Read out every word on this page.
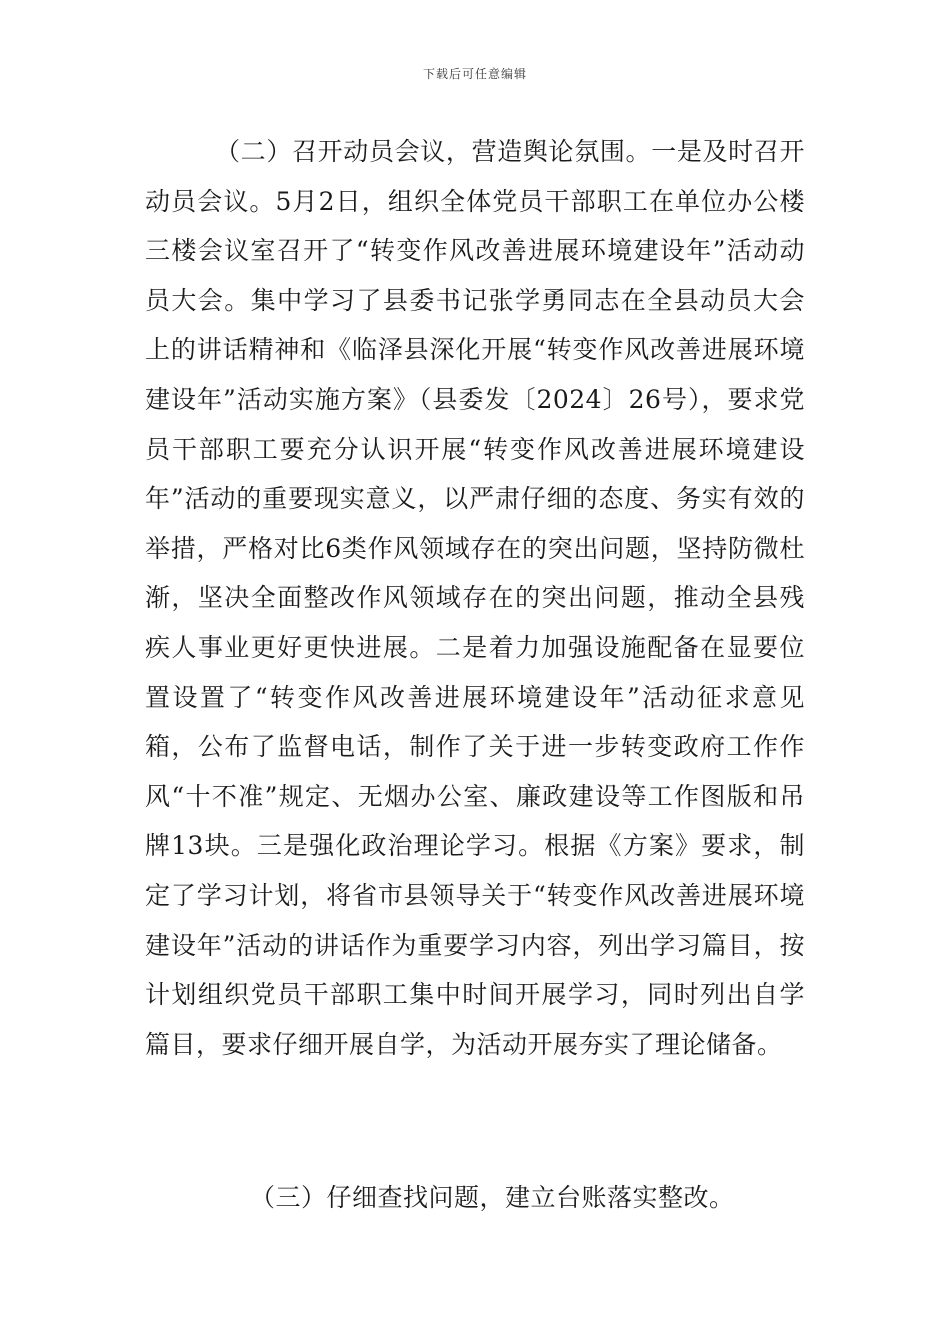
下载后可任意编辑

（二）召开动员会议，营造舆论氛围。一是及时召开动员会议。5月2日，组织全体党员干部职工在单位办公楼三楼会议室召开了“转变作风改善进展环境建设年”活动动员大会。集中学习了县委书记张学勇同志在全县动员大会上的讲话精神和《临泽县深化开展“转变作风改善进展环境建设年”活动实施方案》（县委发〔2024〕26号），要求党员干部职工要充分认识开展“转变作风改善进展环境建设年”活动的重要现实意义，以严肃仔细的态度、务实有效的举措，严格对比6类作风领域存在的突出问题，坚持防微杜渐，坚决全面整改作风领域存在的突出问题，推动全县残疾人事业更好更快进展。二是着力加强设施配备在显要位置设置了“转变作风改善进展环境建设年”活动征求意见箱，公布了监督电话，制作了关于进一步转变政府工作作风“十不准”规定、无烟办公室、廉政建设等工作图版和吊牌13块。三是强化政治理论学习。根据《方案》要求，制定了学习计划，将省市县领导关于“转变作风改善进展环境建设年”活动的讲话作为重要学习内容，列出学习篇目，按计划组织党员干部职工集中时间开展学习，同时列出自学篇目，要求仔细开展自学，为活动开展夯实了理论储备。

（三）仔细查找问题，建立台账落实整改。
